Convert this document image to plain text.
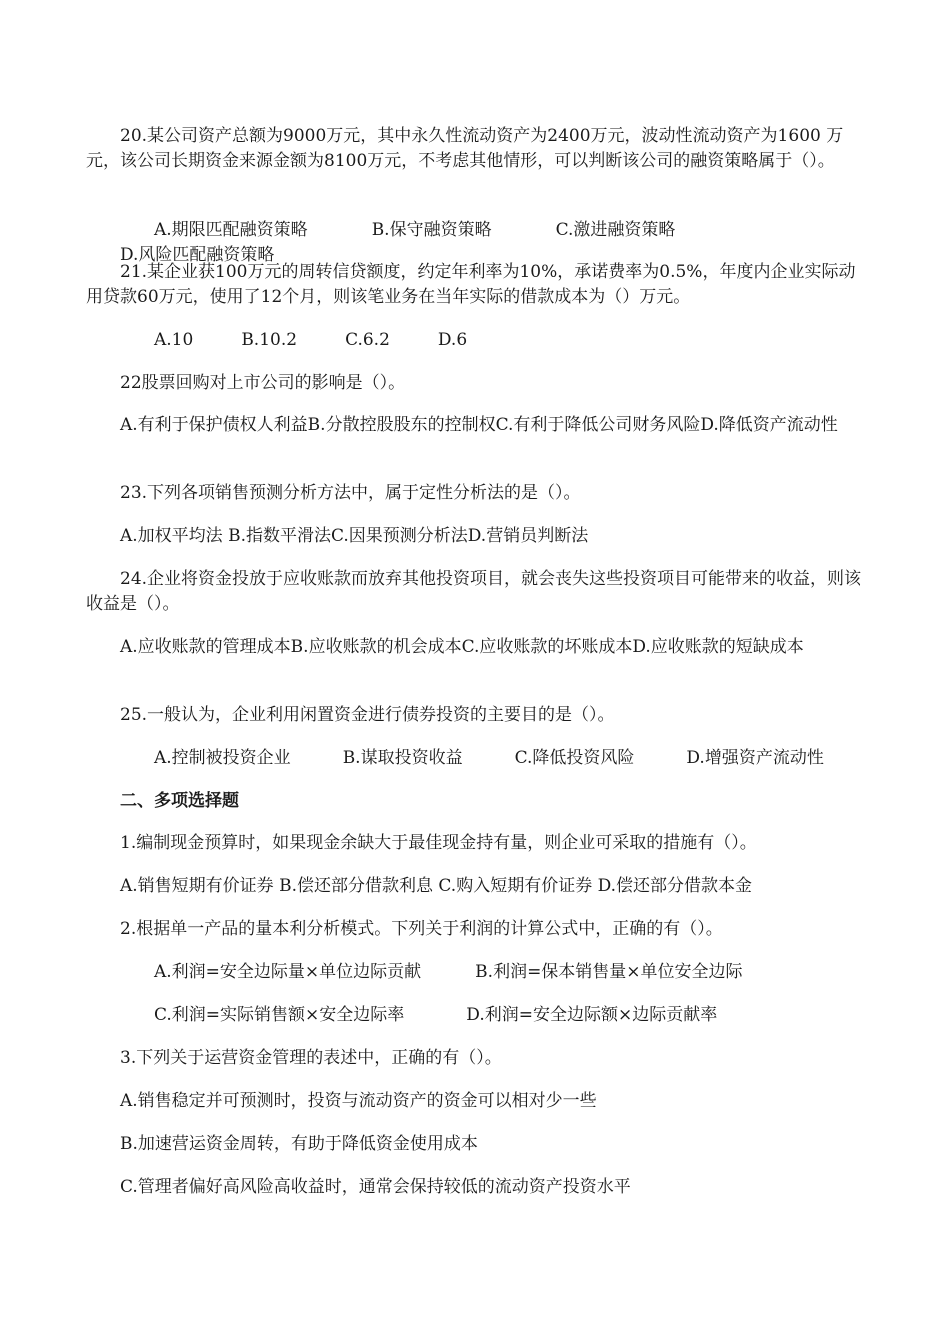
20.某公司资产总额为9000万元，其中永久性流动资产为2400万元，波动性流动资产为1600 万元，该公司长期资金来源金额为8100万元，不考虑其他情形，可以判断该公司的融资策略属于（）。

A.期限匹配融资策略	B.保守融资策略	C.激进融资策略D.风险匹配融资策略

21.某企业获100万元的周转信贷额度，约定年利率为10%，承诺费率为0.5%，年度内企业实际动用贷款60万元，使用了12个月，则该笔业务在当年实际的借款成本为（）万元。

A.10	B.10.2	C.6.2	D.6

22股票回购对上市公司的影响是（）。

A.有利于保护债权人利益B.分散控股股东的控制权C.有利于降低公司财务风险D.降低资产流动性

23.下列各项销售预测分析方法中，属于定性分析法的是（）。

A.加权平均法 B.指数平滑法C.因果预测分析法D.营销员判断法

24.企业将资金投放于应收账款而放弃其他投资项目，就会丧失这些投资项目可能带来的收益，则该收益是（）。

A.应收账款的管理成本B.应收账款的机会成本C.应收账款的坏账成本D.应收账款的短缺成本

25.一般认为，企业利用闲置资金进行债券投资的主要目的是（）。

A.控制被投资企业	B.谋取投资收益	C.降低投资风险	D.增强资产流动性

二、多项选择题

1.编制现金预算时，如果现金余缺大于最佳现金持有量，则企业可采取的措施有（）。

A.销售短期有价证券 B.偿还部分借款利息 C.购入短期有价证券 D.偿还部分借款本金

2.根据单一产品的量本利分析模式。下列关于利润的计算公式中，正确的有（）。

A.利润=安全边际量×单位边际贡献	B.利润=保本销售量×单位安全边际

C.利润=实际销售额×安全边际率	D.利润=安全边际额×边际贡献率

3.下列关于运营资金管理的表述中，正确的有（）。

A.销售稳定并可预测时，投资与流动资产的资金可以相对少一些

B.加速营运资金周转，有助于降低资金使用成本

C.管理者偏好高风险高收益时，通常会保持较低的流动资产投资水平
